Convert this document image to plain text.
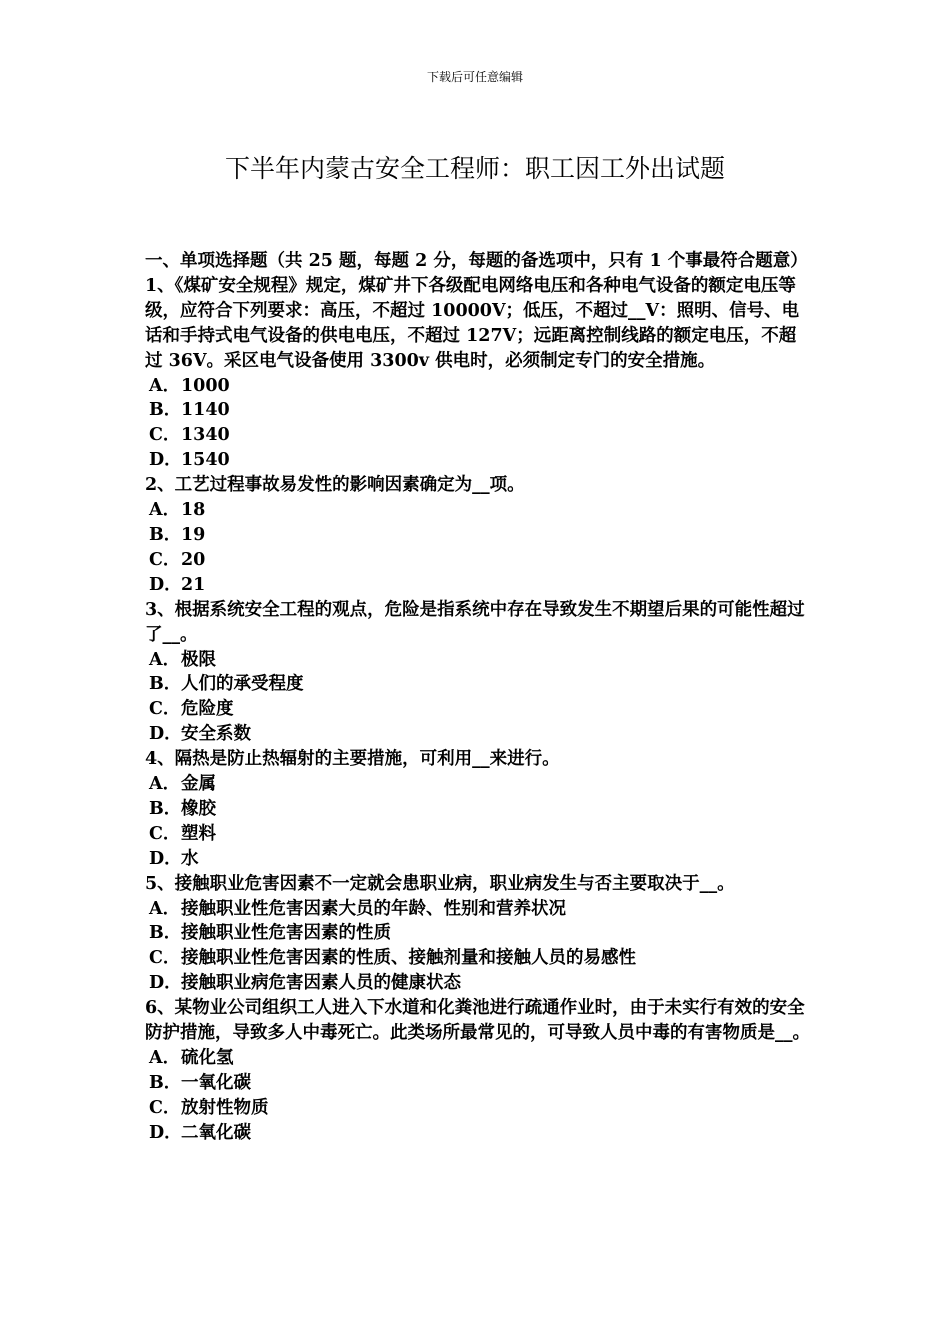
下载后可任意编辑
下半年内蒙古安全工程师：职工因工外出试题

一、单项选择题（共 25 题，每题 2 分，每题的备选项中，只有 1 个事最符合题意）

1、《煤矿安全规程》规定，煤矿井下各级配电网络电压和各种电气设备的额定电压等级，应符合下列要求：高压，不超过 10000V；低压，不超过__V：照明、信号、电话和手持式电气设备的供电电压，不超过 127V；远距离控制线路的额定电压，不超过 36V。采区电气设备使用 3300v 供电时，必须制定专门的安全措施。

A．1000

B．1140

C．1340

D．1540

2、工艺过程事故易发性的影响因素确定为__项。

A．18

B．19

C．20

D．21

3、根据系统安全工程的观点，危险是指系统中存在导致发生不期望后果的可能性超过了__。

A．极限

B．人们的承受程度

C．危险度

D．安全系数

4、隔热是防止热辐射的主要措施，可利用__来进行。

A．金属

B．橡胶

C．塑料

D．水

5、接触职业危害因素不一定就会患职业病，职业病发生与否主要取决于__。

A．接触职业性危害因素大员的年龄、性别和营养状况

B．接触职业性危害因素的性质

C．接触职业性危害因素的性质、接触剂量和接触人员的易感性

D．接触职业病危害因素人员的健康状态

6、某物业公司组织工人进入下水道和化粪池进行疏通作业时，由于未实行有效的安全防护措施，导致多人中毒死亡。此类场所最常见的，可导致人员中毒的有害物质是__。

A．硫化氢

B．一氧化碳

C．放射性物质

D．二氧化碳
